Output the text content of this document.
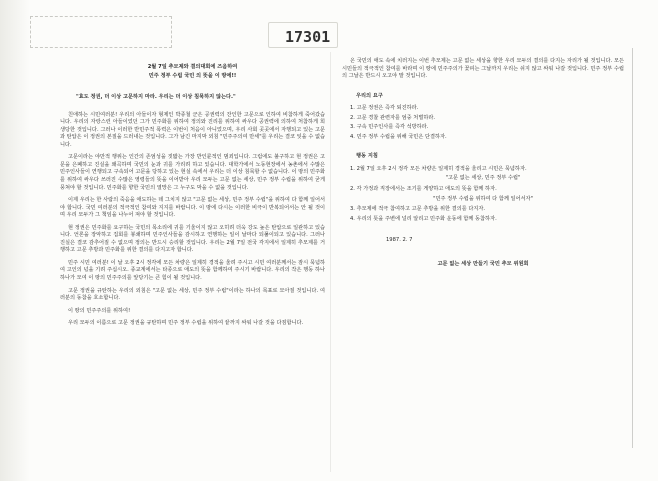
17301

2월 7일 추모제와 결의대회에 즈음하여

민주 정부 수립 국민 의 뜻을 이 땅에!!

"효도 정권, 더 이상 고문하지 마라. 우리는 더 이상 침묵하지 않는다."

친애하는 시민여러분! 우리의 아들이자 형제인 박종철 군은 공권력의 잔인한 고문으로 인하여 비참하게 죽어갔습니다. 우리의 자랑스런 아들이었던 그가 민주화를 위하여 정의와 진리를 위하여 싸우다 공권력에 의하여 처참하게 희생당한 것입니다. 그러나 이러한 반민주적 폭력은 이번이 처음이 아니었으며, 우리 사회 곳곳에서 자행되고 있는 고문과 탄압은 이 정권의 본질을 드러내는 것입니다. 그가 남긴 마지막 외침 "민주주의여 만세"를 우리는 결코 잊을 수 없습니다.

고문이라는 야만적 행위는 인간의 존엄성을 짓밟는 가장 반인륜적인 범죄입니다. 그럼에도 불구하고 현 정권은 고문을 은폐하고 진실을 왜곡하며 국민의 눈과 귀를 가리려 하고 있습니다. 대학가에서 노동현장에서 농촌에서 수많은 민주인사들이 연행되고 구속되어 고문을 당하고 있는 현실 속에서 우리는 더 이상 침묵할 수 없습니다. 이 땅의 민주화를 위하여 싸우다 쓰러진 수많은 영령들의 뜻을 이어받아 우리 모두는 고문 없는 세상, 민주 정부 수립을 위하여 굳게 뭉쳐야 할 것입니다. 민주화를 향한 국민의 열망은 그 누구도 막을 수 없을 것입니다.

이제 우리는 한 사람의 죽음을 애도하는 데 그치지 않고 "고문 없는 세상, 민주 정부 수립"을 위하여 다 함께 일어서야 합니다. 국민 여러분의 적극적인 참여와 지지를 바랍니다. 이 땅에 다시는 이러한 비극이 반복되어서는 안 될 것이며 우리 모두가 그 책임을 나누어 져야 할 것입니다.

현 정권은 민주화를 요구하는 국민의 목소리에 귀를 기울이지 않고 오히려 더욱 강도 높은 탄압으로 일관하고 있습니다. 언론을 장악하고 집회를 봉쇄하며 민주인사들을 감시하고 연행하는 일이 날마다 되풀이되고 있습니다. 그러나 진실은 결코 감추어질 수 없으며 정의는 반드시 승리할 것입니다. 우리는 2월 7일 전국 각지에서 일제히 추모제를 거행하고 고문 추방과 민주화를 위한 결의를 다지고자 합니다.

민주 시민 여러분! 이 날 오후 2시 정각에 모든 차량은 일제히 경적을 울려 주시고 시민 여러분께서는 잠시 묵념하여 고인의 넋을 기려 주십시오. 종교계에서는 타종으로 애도의 뜻을 함께하여 주시기 바랍니다. 우리의 작은 행동 하나하나가 모여 이 땅의 민주주의를 앞당기는 큰 힘이 될 것입니다.

고문 정권을 규탄하는 우리의 외침은 "고문 없는 세상, 민주 정부 수립"이라는 하나의 목표로 모아질 것입니다. 여러분의 동참을 호소합니다.

이 땅의 민주주의를 위하여!

우리 모두의 이름으로 고문 정권을 규탄하며 민주 정부 수립을 위하여 끝까지 싸워 나갈 것을 다짐합니다.

온 국민의 애도 속에 치러지는 이번 추모제는 고문 없는 세상을 향한 우리 모두의 결의를 다지는 자리가 될 것입니다. 모든 시민들의 적극적인 참여를 바라며 이 땅에 민주주의가 꽃피는 그날까지 우리는 쉬지 않고 싸워 나갈 것입니다. 민주 정부 수립의 그날은 반드시 오고야 말 것입니다.

우리의 요구

1. 고문 정권은 즉각 퇴진하라.

2. 고문 경찰 관련자를 엄중 처벌하라.

3. 구속 민주인사를 즉각 석방하라.

4. 민주 정부 수립을 위해 국민은 단결하자.

행동 지침

1. 2월 7일 오후 2시 정각 모든 차량은 일제히 경적을 울리고 시민은 묵념하자.

"고문 없는 세상, 민주 정부 수립"

2. 각 가정과 직장에서는 조기를 게양하고 애도의 뜻을 함께 하자.

"민주 정부 수립을 위하여 다 함께 일어서자"

3. 추모제에 적극 참여하고 고문 추방을 위한 결의를 다지자.

4. 우리의 뜻을 주변에 널리 알리고 민주화 운동에 함께 동참하자.

1987. 2. 7

고문 없는 세상 만들기 국민 추모 위원회
